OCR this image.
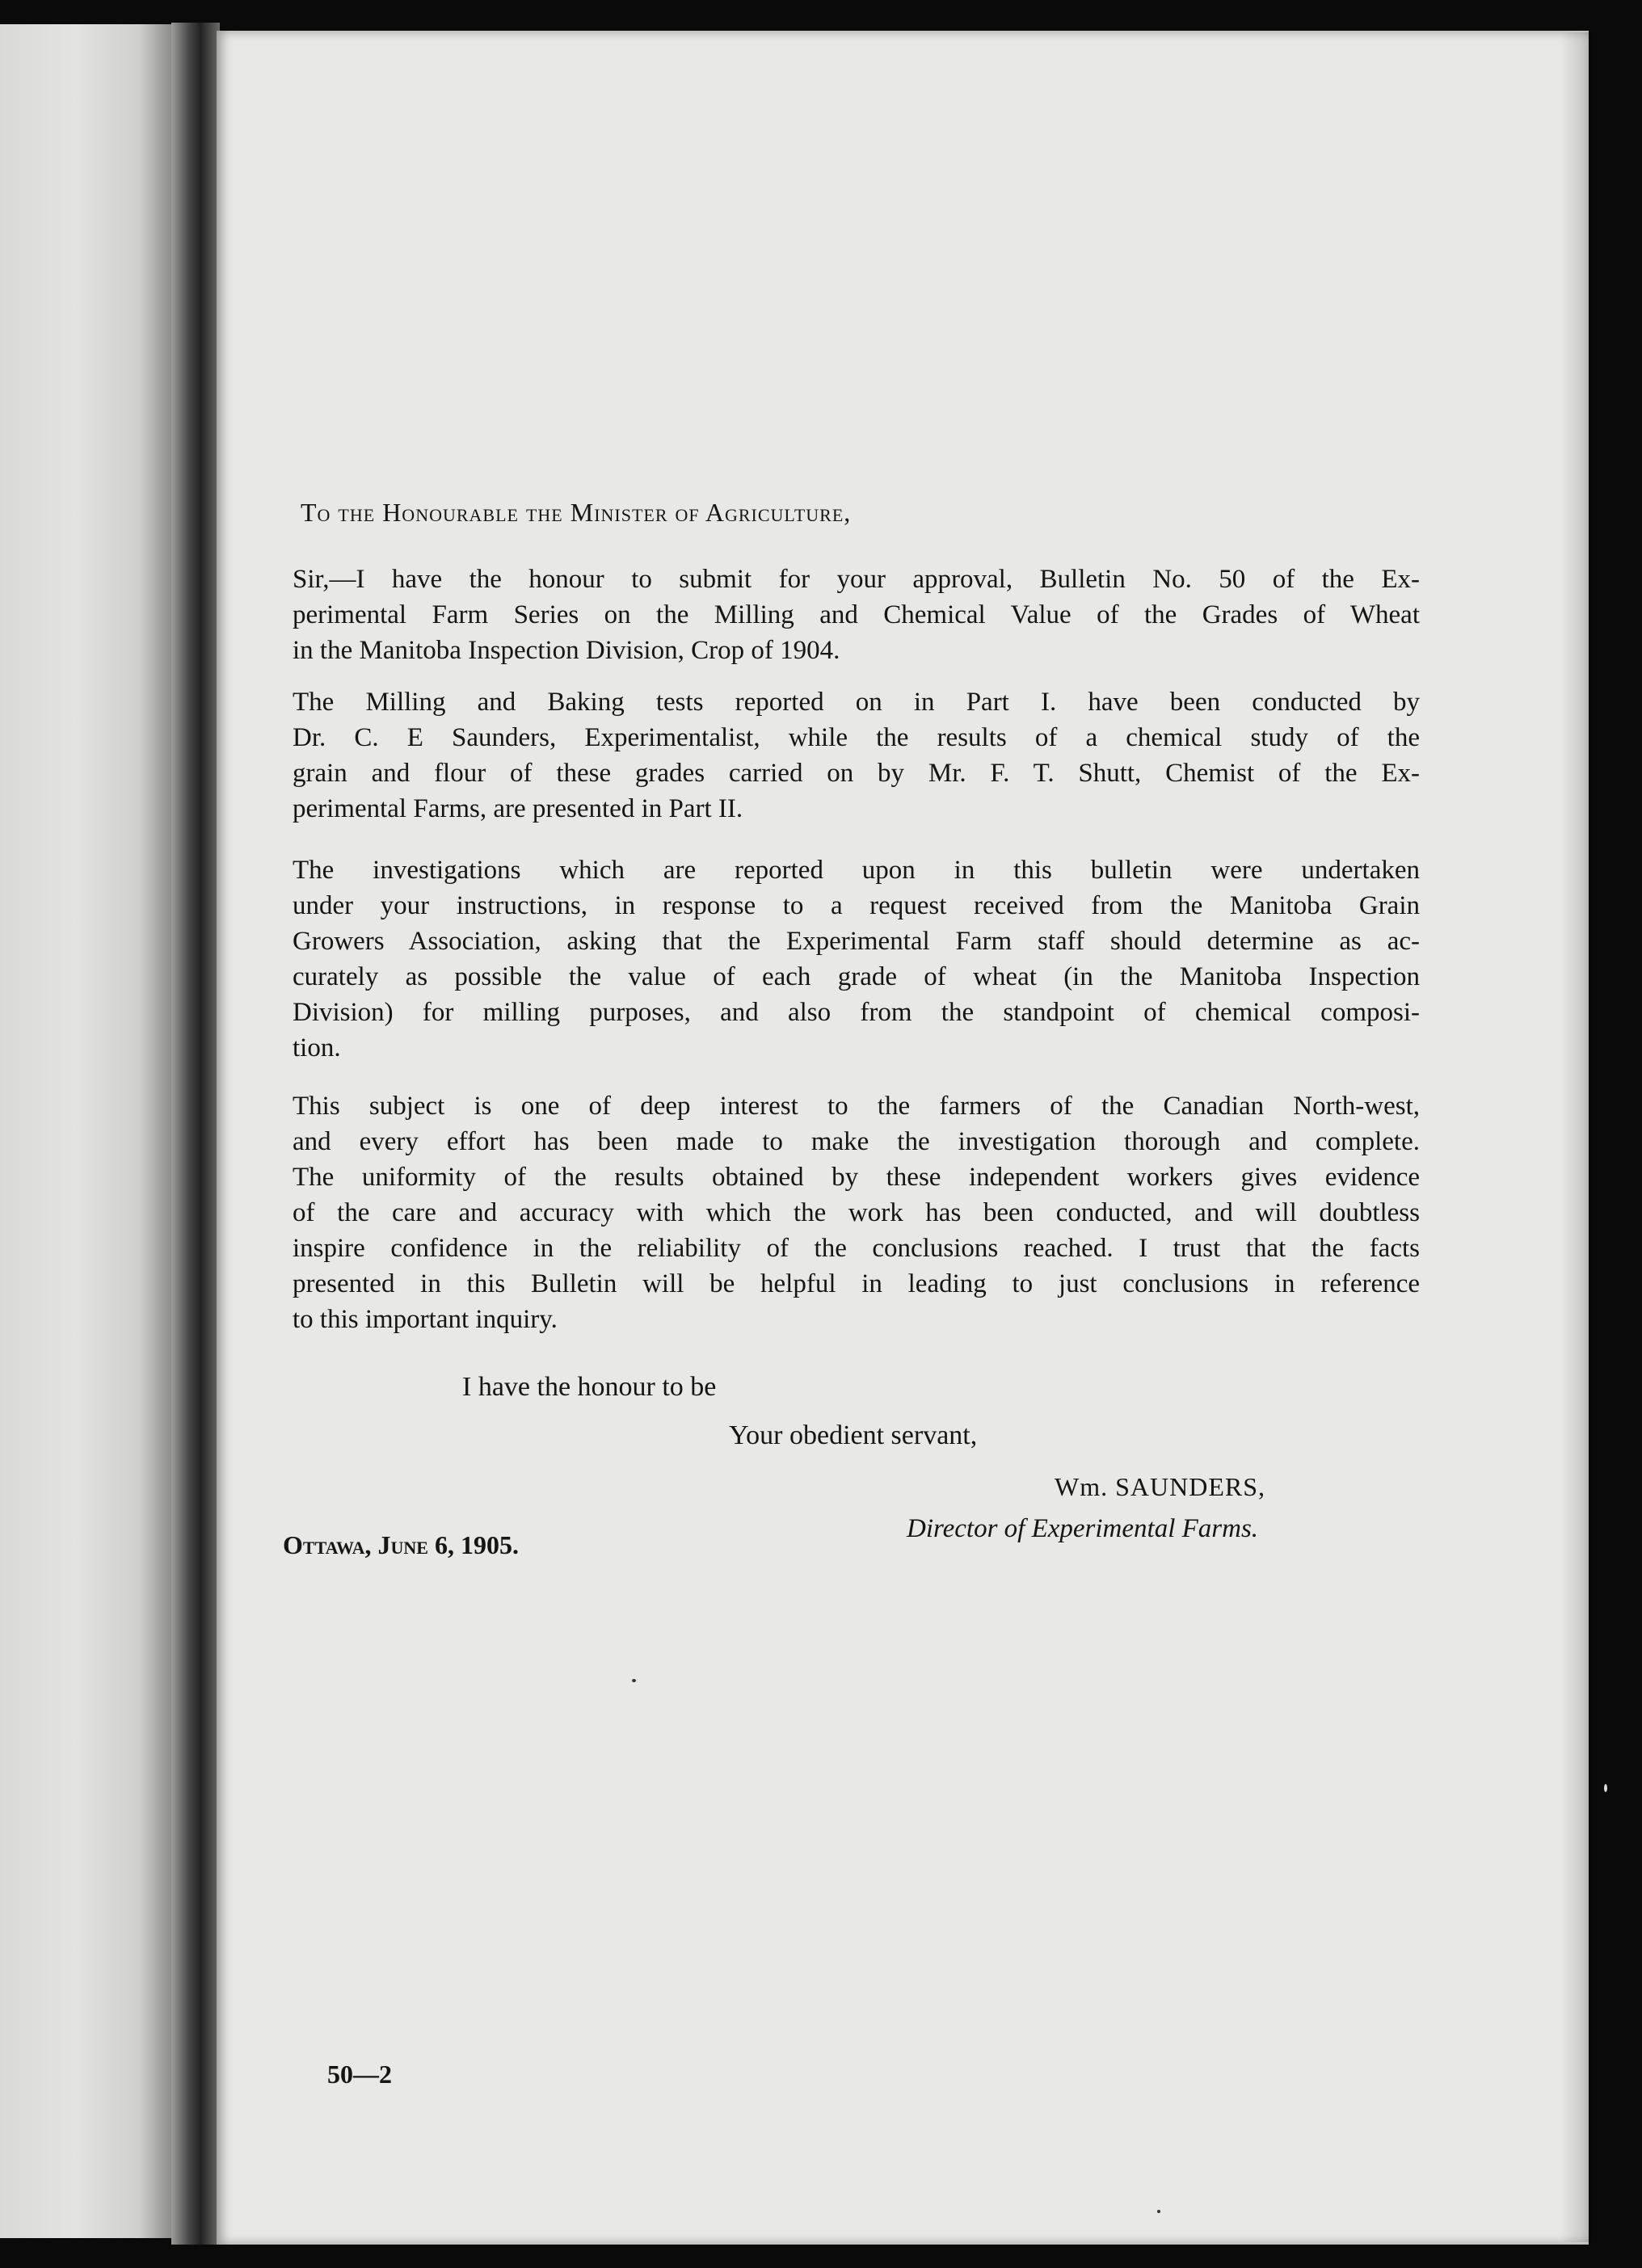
To the Honourable the Minister of Agriculture,
Sir,—I have the honour to submit for your approval, Bulletin No. 50 of the Ex-
perimental Farm Series on the Milling and Chemical Value of the Grades of Wheat
in the Manitoba Inspection Division, Crop of 1904.
The Milling and Baking tests reported on in Part I. have been conducted by
Dr. C. E Saunders, Experimentalist, while the results of a chemical study of the
grain and flour of these grades carried on by Mr. F. T. Shutt, Chemist of the Ex-
perimental Farms, are presented in Part II.
The investigations which are reported upon in this bulletin were undertaken
under your instructions, in response to a request received from the Manitoba Grain
Growers Association, asking that the Experimental Farm staff should determine as ac-
curately as possible the value of each grade of wheat (in the Manitoba Inspection
Division) for milling purposes, and also from the standpoint of chemical composi-
tion.
This subject is one of deep interest to the farmers of the Canadian North-west,
and every effort has been made to make the investigation thorough and complete.
The uniformity of the results obtained by these independent workers gives evidence
of the care and accuracy with which the work has been conducted, and will doubtless
inspire confidence in the reliability of the conclusions reached. I trust that the facts
presented in this Bulletin will be helpful in leading to just conclusions in reference
to this important inquiry.
I have the honour to be
Your obedient servant,
Wm. SAUNDERS,
Director of Experimental Farms.
Ottawa, June 6, 1905.
50—2
